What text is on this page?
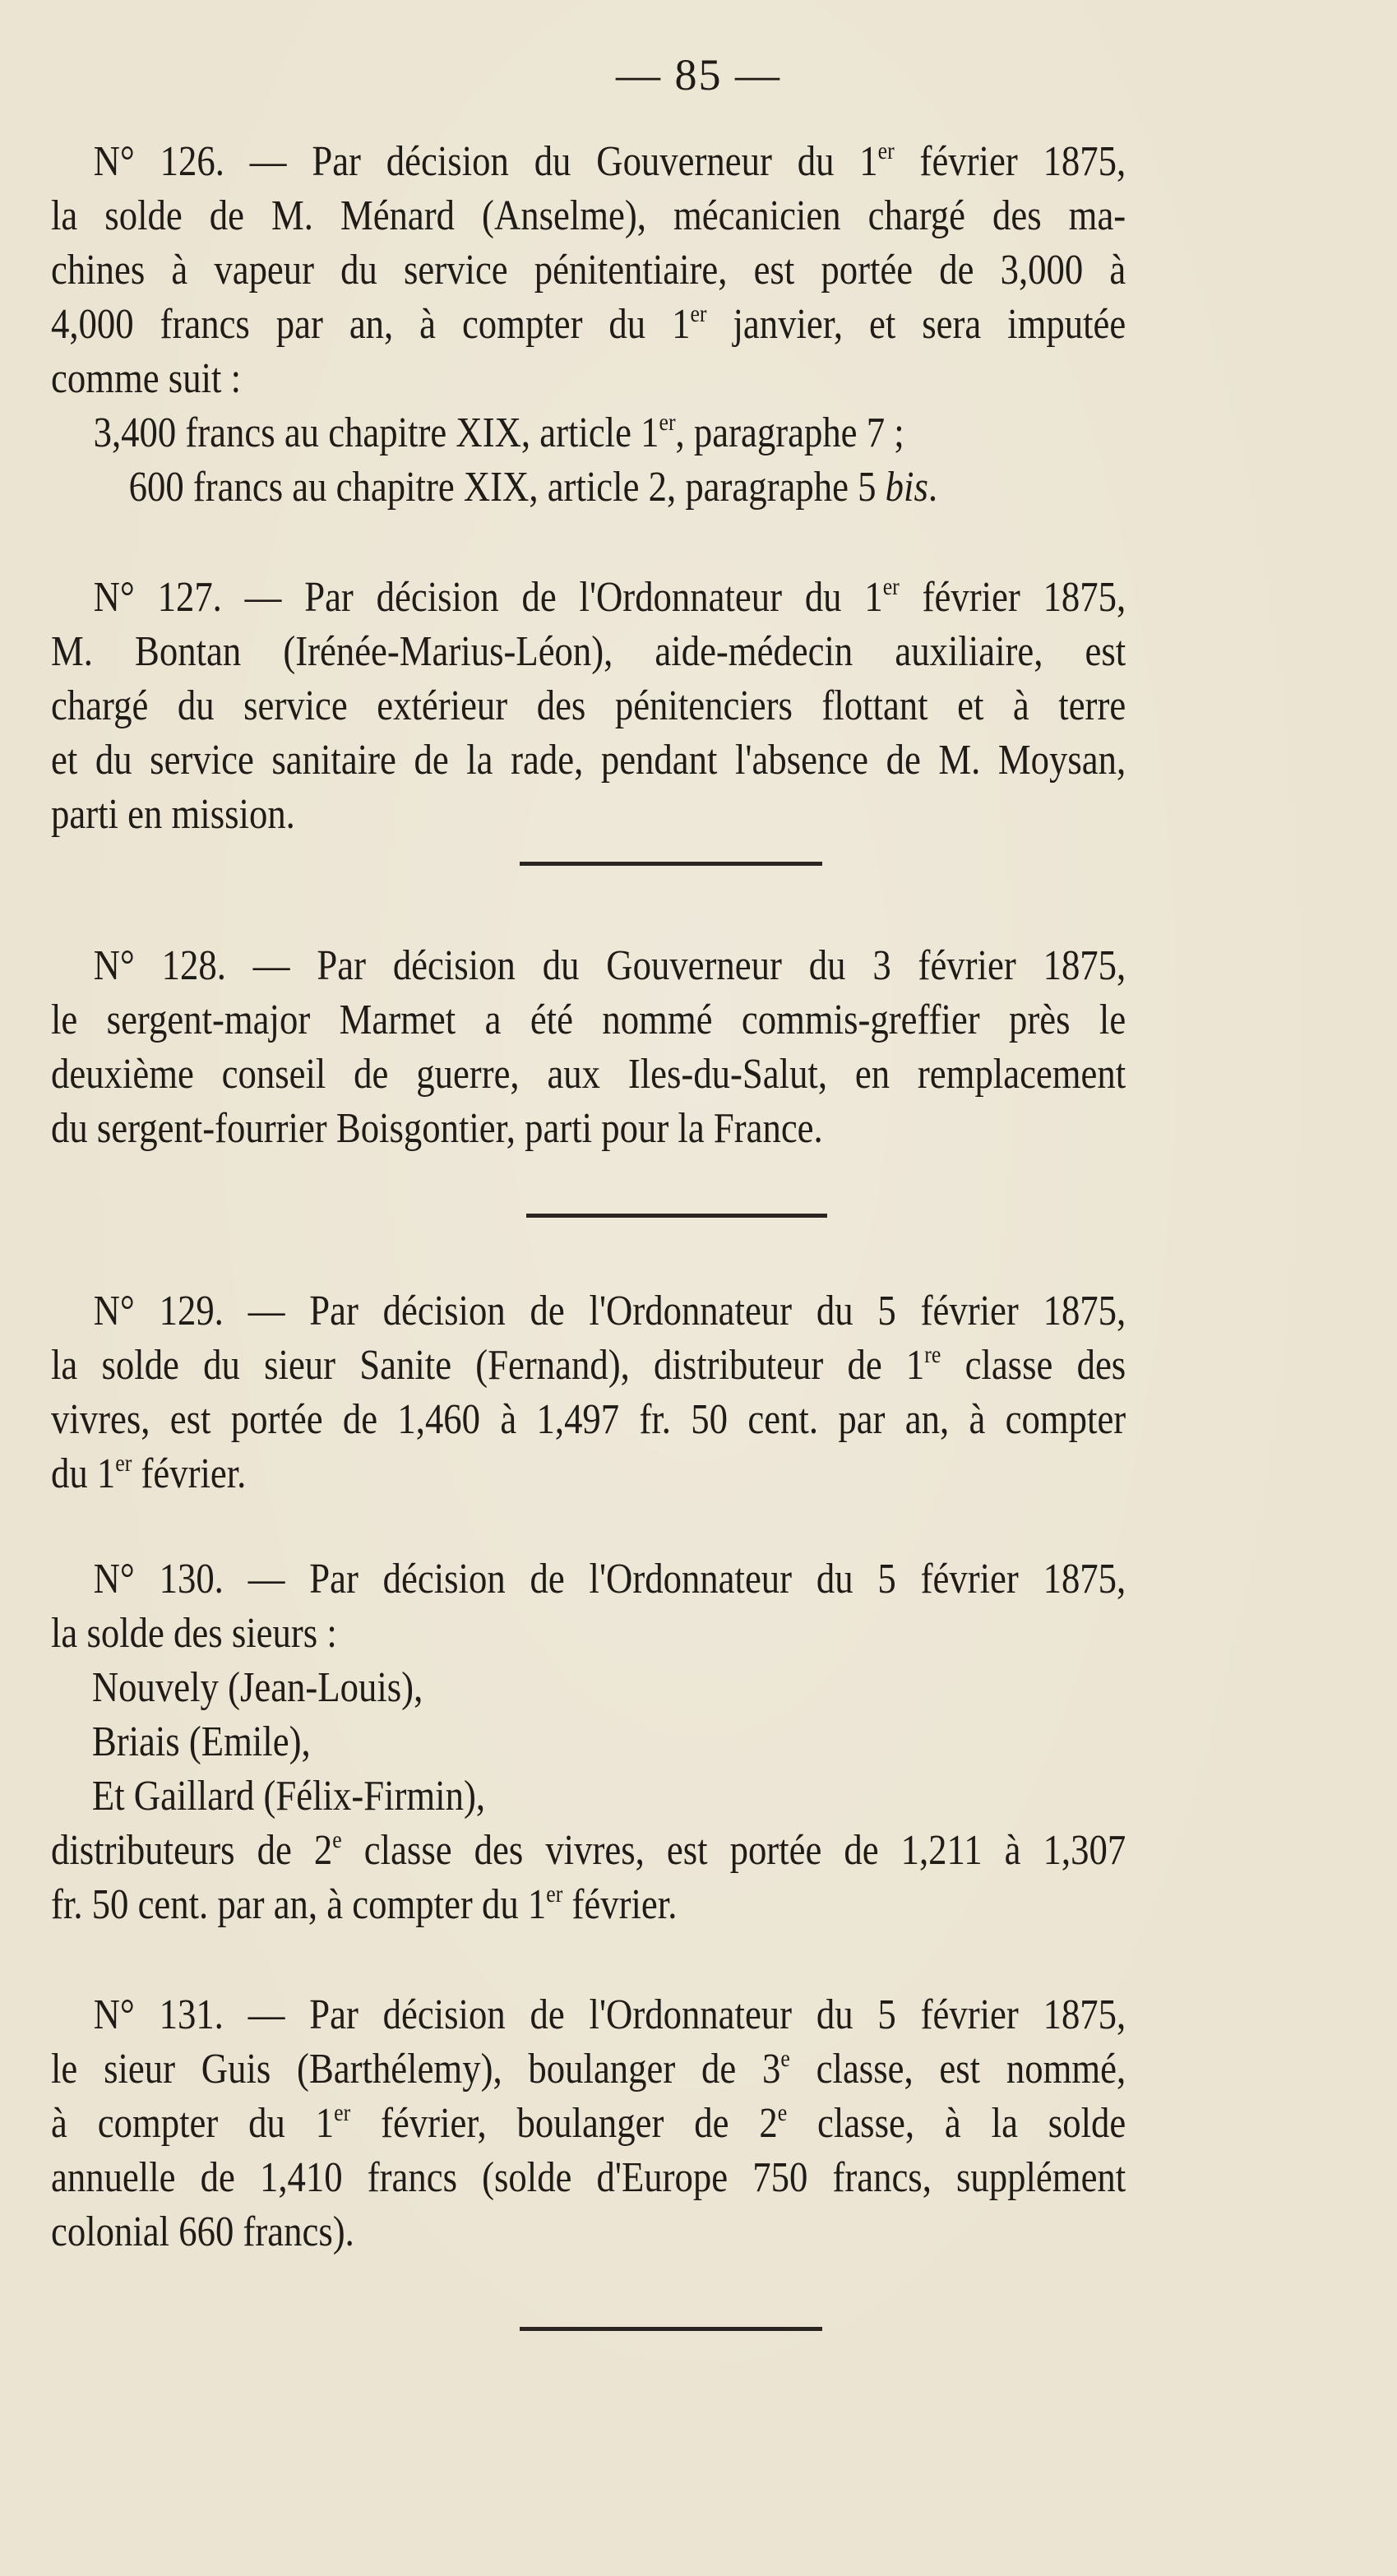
— 85 —
N° 126. — Par décision du Gouverneur du 1er février 1875,
la solde de M. Ménard (Anselme), mécanicien chargé des ma-
chines à vapeur du service pénitentiaire, est portée de 3,000 à
4,000 francs par an, à compter du 1er janvier, et sera imputée
comme suit :
3,400 francs au chapitre XIX, article 1er, paragraphe 7 ;
600 francs au chapitre XIX, article 2, paragraphe 5 bis.
N° 127. — Par décision de l'Ordonnateur du 1er février 1875,
M. Bontan (Irénée-Marius-Léon), aide-médecin auxiliaire, est
chargé du service extérieur des pénitenciers flottant et à terre
et du service sanitaire de la rade, pendant l'absence de M. Moysan,
parti en mission.
N° 128. — Par décision du Gouverneur du 3 février 1875,
le sergent-major Marmet a été nommé commis-greffier près le
deuxième conseil de guerre, aux Iles-du-Salut, en remplacement
du sergent-fourrier Boisgontier, parti pour la France.
N° 129. — Par décision de l'Ordonnateur du 5 février 1875,
la solde du sieur Sanite (Fernand), distributeur de 1re classe des
vivres, est portée de 1,460 à 1,497 fr. 50 cent. par an, à compter
du 1er février.
N° 130. — Par décision de l'Ordonnateur du 5 février 1875,
la solde des sieurs :
Nouvely (Jean-Louis),
Briais (Emile),
Et Gaillard (Félix-Firmin),
distributeurs de 2e classe des vivres, est portée de 1,211 à 1,307
fr. 50 cent. par an, à compter du 1er février.
N° 131. — Par décision de l'Ordonnateur du 5 février 1875,
le sieur Guis (Barthélemy), boulanger de 3e classe, est nommé,
à compter du 1er février, boulanger de 2e classe, à la solde
annuelle de 1,410 francs (solde d'Europe 750 francs, supplément
colonial 660 francs).
